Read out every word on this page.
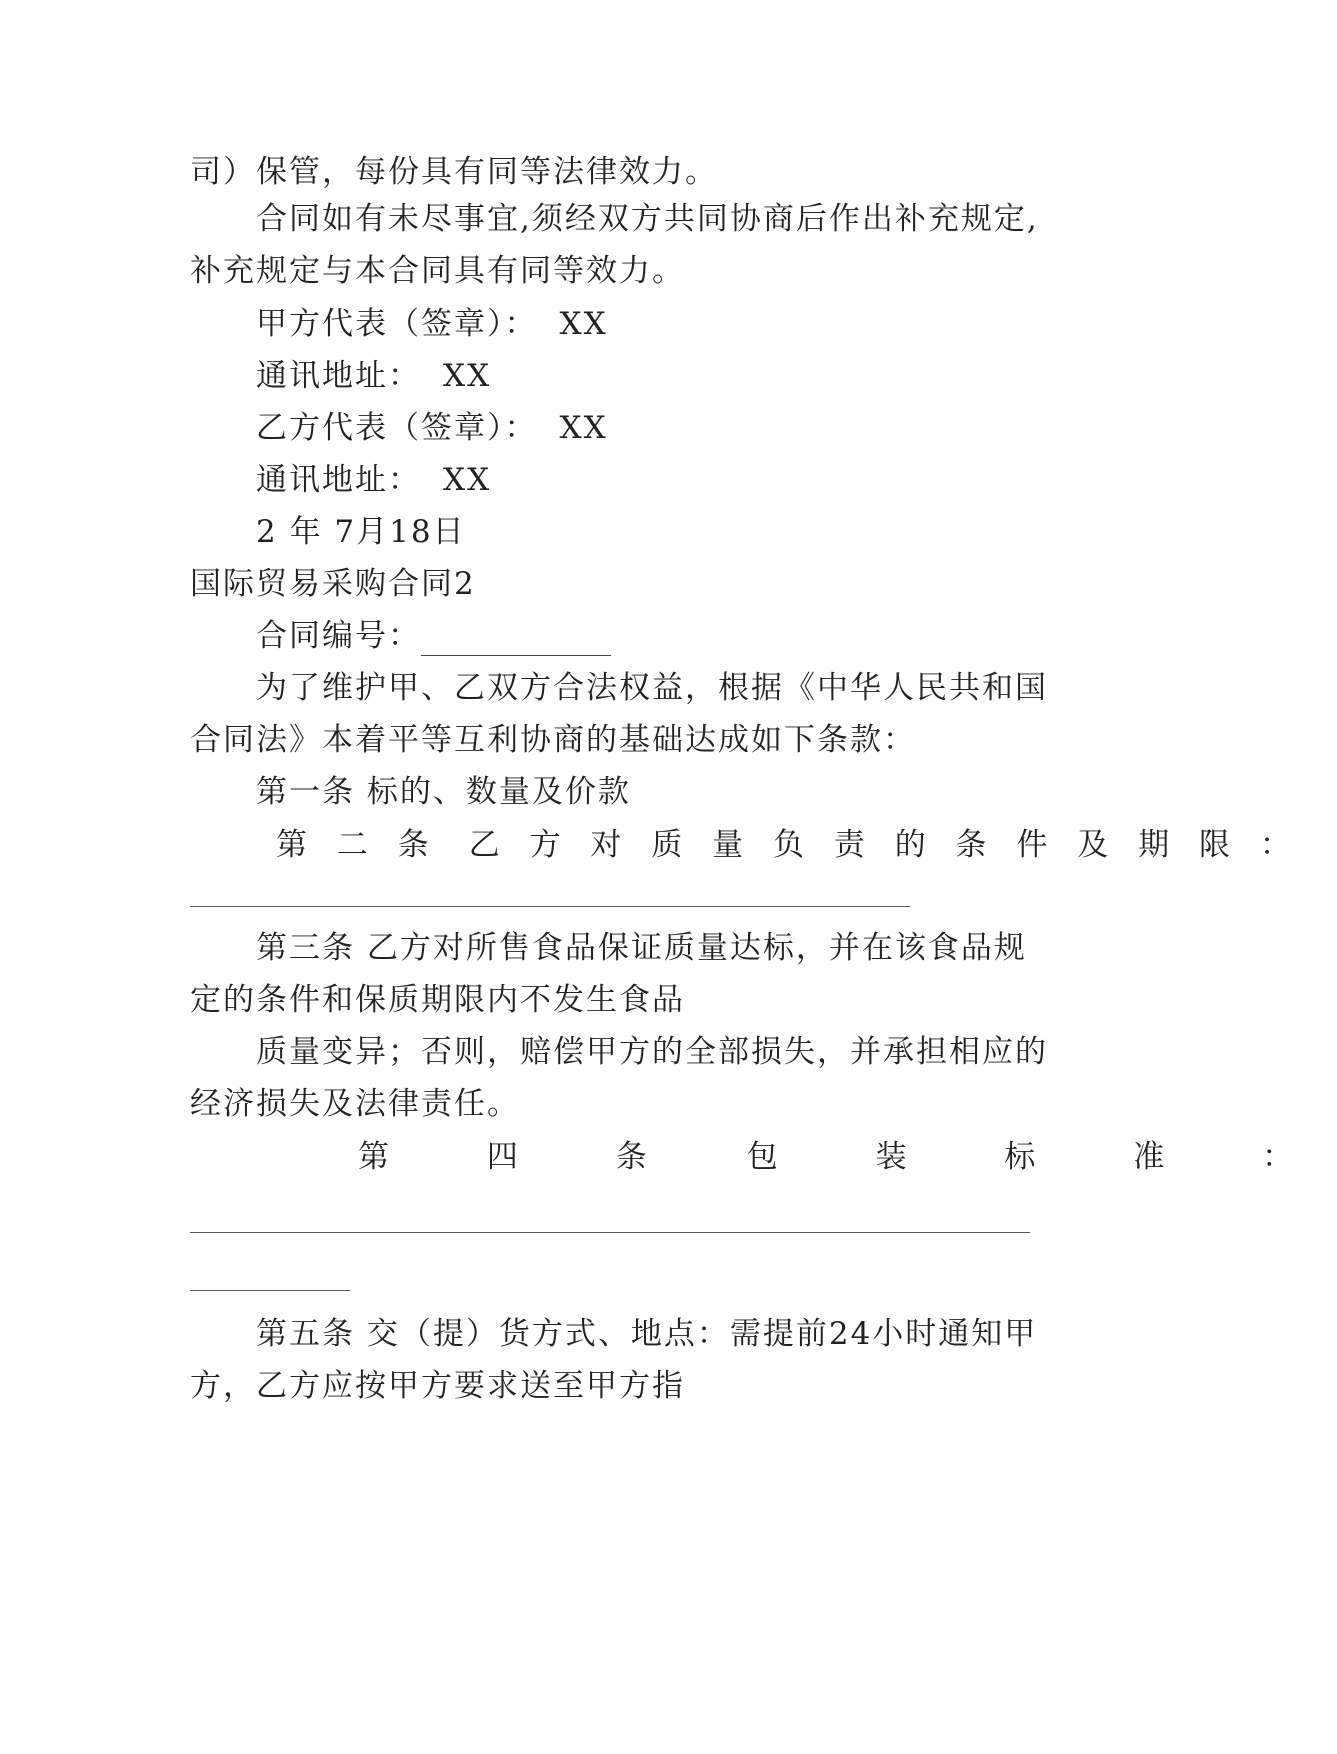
司）保管，每份具有同等法律效力。
合同如有未尽事宜,须经双方共同协商后作出补充规定,
补充规定与本合同具有同等效力。
甲方代表（签章）： XX
通讯地址： XX
乙方代表（签章）： XX
通讯地址： XX
2 年 7月18日
国际贸易采购合同2
合同编号：
为了维护甲、乙双方合法权益，根据《中华人民共和国
合同法》本着平等互利协商的基础达成如下条款：
第一条 标的、数量及价款
第 二 条 乙 方 对 质 量 负 责 的 条 件 及 期 限 ：
第三条 乙方对所售食品保证质量达标，并在该食品规
定的条件和保质期限内不发生食品
质量变异；否则，赔偿甲方的全部损失，并承担相应的
经济损失及法律责任。
第 四 条 包 装 标 准 ：
第五条 交（提）货方式、地点：需提前24小时通知甲
方，乙方应按甲方要求送至甲方指
